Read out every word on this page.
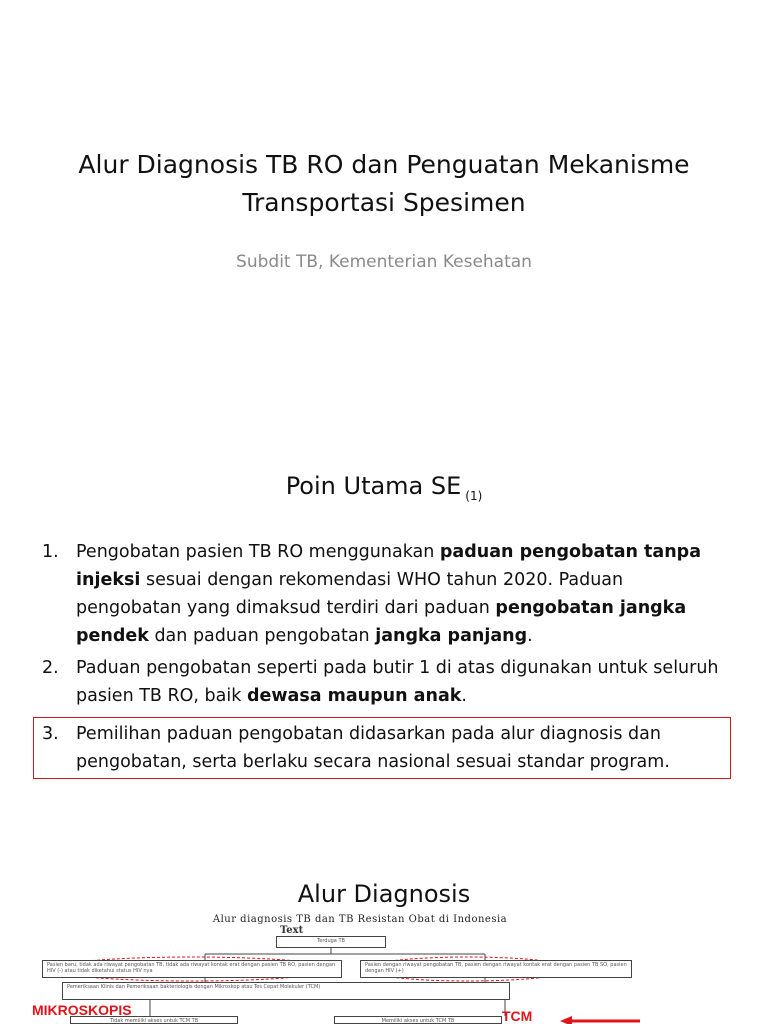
Alur Diagnosis TB RO dan Penguatan Mekanisme
Transportasi Spesimen
Subdit TB, Kementerian Kesehatan
Poin Utama SE $_{(1)}$
1. Pengobatan pasien TB RO menggunakan paduan pengobatan tanpa injeksi sesuai dengan rekomendasi WHO tahun 2020. Paduan pengobatan yang dimaksud terdiri dari paduan pengobatan jangka pendek dan paduan pengobatan jangka panjang.
2. Paduan pengobatan seperti pada butir 1 di atas digunakan untuk seluruh pasien TB RO, baik dewasa maupun anak.
3. Pemilihan paduan pengobatan didasarkan pada alur diagnosis dan pengobatan, serta berlaku secara nasional sesuai standar program.
Alur Diagnosis
Alur diagnosis TB dan TB Resistan Obat di Indonesia
Text
Terduga TB
Pasien baru, tidak ada riwayat pengobatan TB, tidak ada riwayat kontak erat dengan pasien TB RO, pasien dengan HIV (-) atau tidak diketahui status HIV nya
Pasien dengan riwayat pengobatan TB, pasien dengan riwayat kontak erat dengan pasien TB SO, pasien dengan HIV (+)
Pemeriksaan Klinis dan Pemeriksaan bakteriologis dengan Mikroskop atau Tes Cepat Molekuler (TCM)
Tidak memiliki akses untuk TCM TB	Memiliki akses untuk TCM TB
MIKROSKOPIS	TCM
